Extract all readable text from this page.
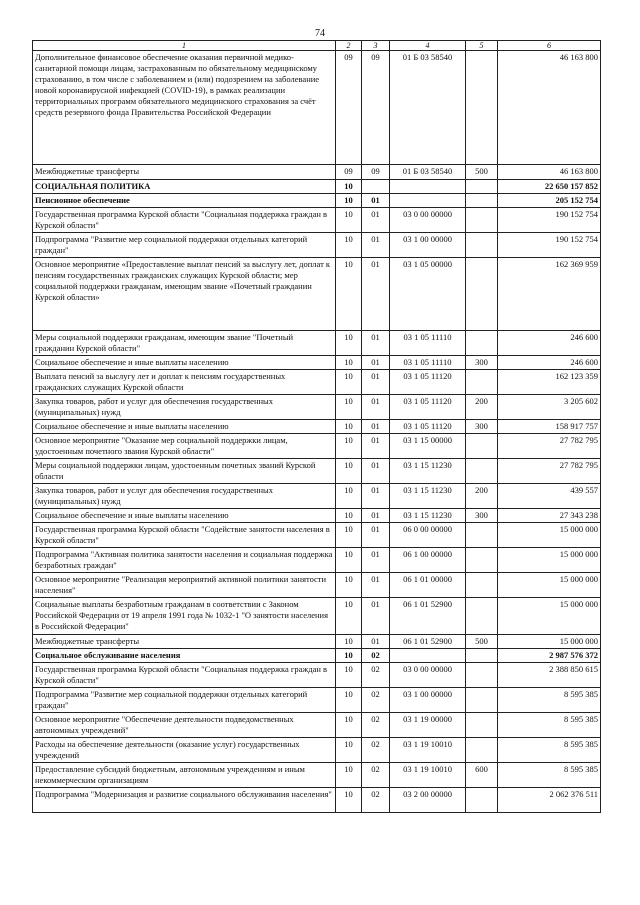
74
1	2	3	4	5	6
Дополнительное финансовое обеспечение оказания первичной медико-санитарной помощи лицам, застрахованным по обязательному медицинскому страхованию, в том числе с заболеванием и (или) подозрением на заболевание новой коронавирусной инфекцией (COVID-19), в рамках реализации территориальных программ обязательного медицинского страхования за счёт средств резервного фонда Правительства Российской Федерации	09	09	01 Б 03 58540		46 163 800
Межбюджетные трансферты	09	09	01 Б 03 58540	500	46 163 800
СОЦИАЛЬНАЯ ПОЛИТИКА	10				22 650 157 852
Пенсионное обеспечение	10	01			205 152 754
Государственная программа Курской области "Социальная поддержка граждан в Курской области"	10	01	03 0 00 00000		190 152 754
Подпрограмма "Развитие мер социальной поддержки отдельных категорий граждан"	10	01	03 1 00 00000		190 152 754
Основное мероприятие «Предоставление выплат пенсий за выслугу лет, доплат к пенсиям государственных гражданских служащих Курской области; мер социальной поддержки гражданам, имеющим звание «Почетный гражданин Курской области»	10	01	03 1 05 00000		162 369 959
Меры социальной поддержки гражданам, имеющим звание "Почетный гражданин Курской области"	10	01	03 1 05 11110		246 600
Социальное обеспечение и иные выплаты населению	10	01	03 1 05 11110	300	246 600
Выплата пенсий за выслугу лет и доплат к пенсиям государственных гражданских служащих Курской области	10	01	03 1 05 11120		162 123 359
Закупка товаров, работ и услуг для обеспечения государственных (муниципальных) нужд	10	01	03 1 05 11120	200	3 205 602
Социальное обеспечение и иные выплаты населению	10	01	03 1 05 11120	300	158 917 757
Основное мероприятие "Оказание мер социальной поддержки лицам, удостоенным почетного звания Курской области"	10	01	03 1 15 00000		27 782 795
Меры социальной поддержки лицам, удостоенным почетных званий Курской области	10	01	03 1 15 11230		27 782 795
Закупка товаров, работ и услуг для обеспечения государственных (муниципальных) нужд	10	01	03 1 15 11230	200	439 557
Социальное обеспечение и иные выплаты населению	10	01	03 1 15 11230	300	27 343 238
Государственная программа Курской области "Содействие занятости населения в Курской области"	10	01	06 0 00 00000		15 000 000
Подпрограмма "Активная политика занятости населения и социальная поддержка безработных граждан"	10	01	06 1 00 00000		15 000 000
Основное мероприятие "Реализация мероприятий активной политики занятости населения"	10	01	06 1 01 00000		15 000 000
Социальные выплаты безработным гражданам в соответствии с Законом Российской Федерации от 19 апреля 1991 года № 1032-1 "О занятости населения в Российской Федерации"	10	01	06 1 01 52900		15 000 000
Межбюджетные трансферты	10	01	06 1 01 52900	500	15 000 000
Социальное обслуживание населения	10	02			2 987 576 372
Государственная программа Курской области "Социальная поддержка граждан в Курской области"	10	02	03 0 00 00000		2 388 850 615
Подпрограмма "Развитие мер социальной поддержки отдельных категорий граждан"	10	02	03 1 00 00000		8 595 385
Основное мероприятие "Обеспечение деятельности подведомственных автономных учреждений"	10	02	03 1 19 00000		8 595 385
Расходы на обеспечение деятельности (оказание услуг) государственных учреждений	10	02	03 1 19 10010		8 595 385
Предоставление субсидий бюджетным, автономным учреждениям и иным некоммерческим организациям	10	02	03 1 19 10010	600	8 595 385
Подпрограмма "Модернизация и развитие социального обслуживания населения"	10	02	03 2 00 00000		2 062 376 511
